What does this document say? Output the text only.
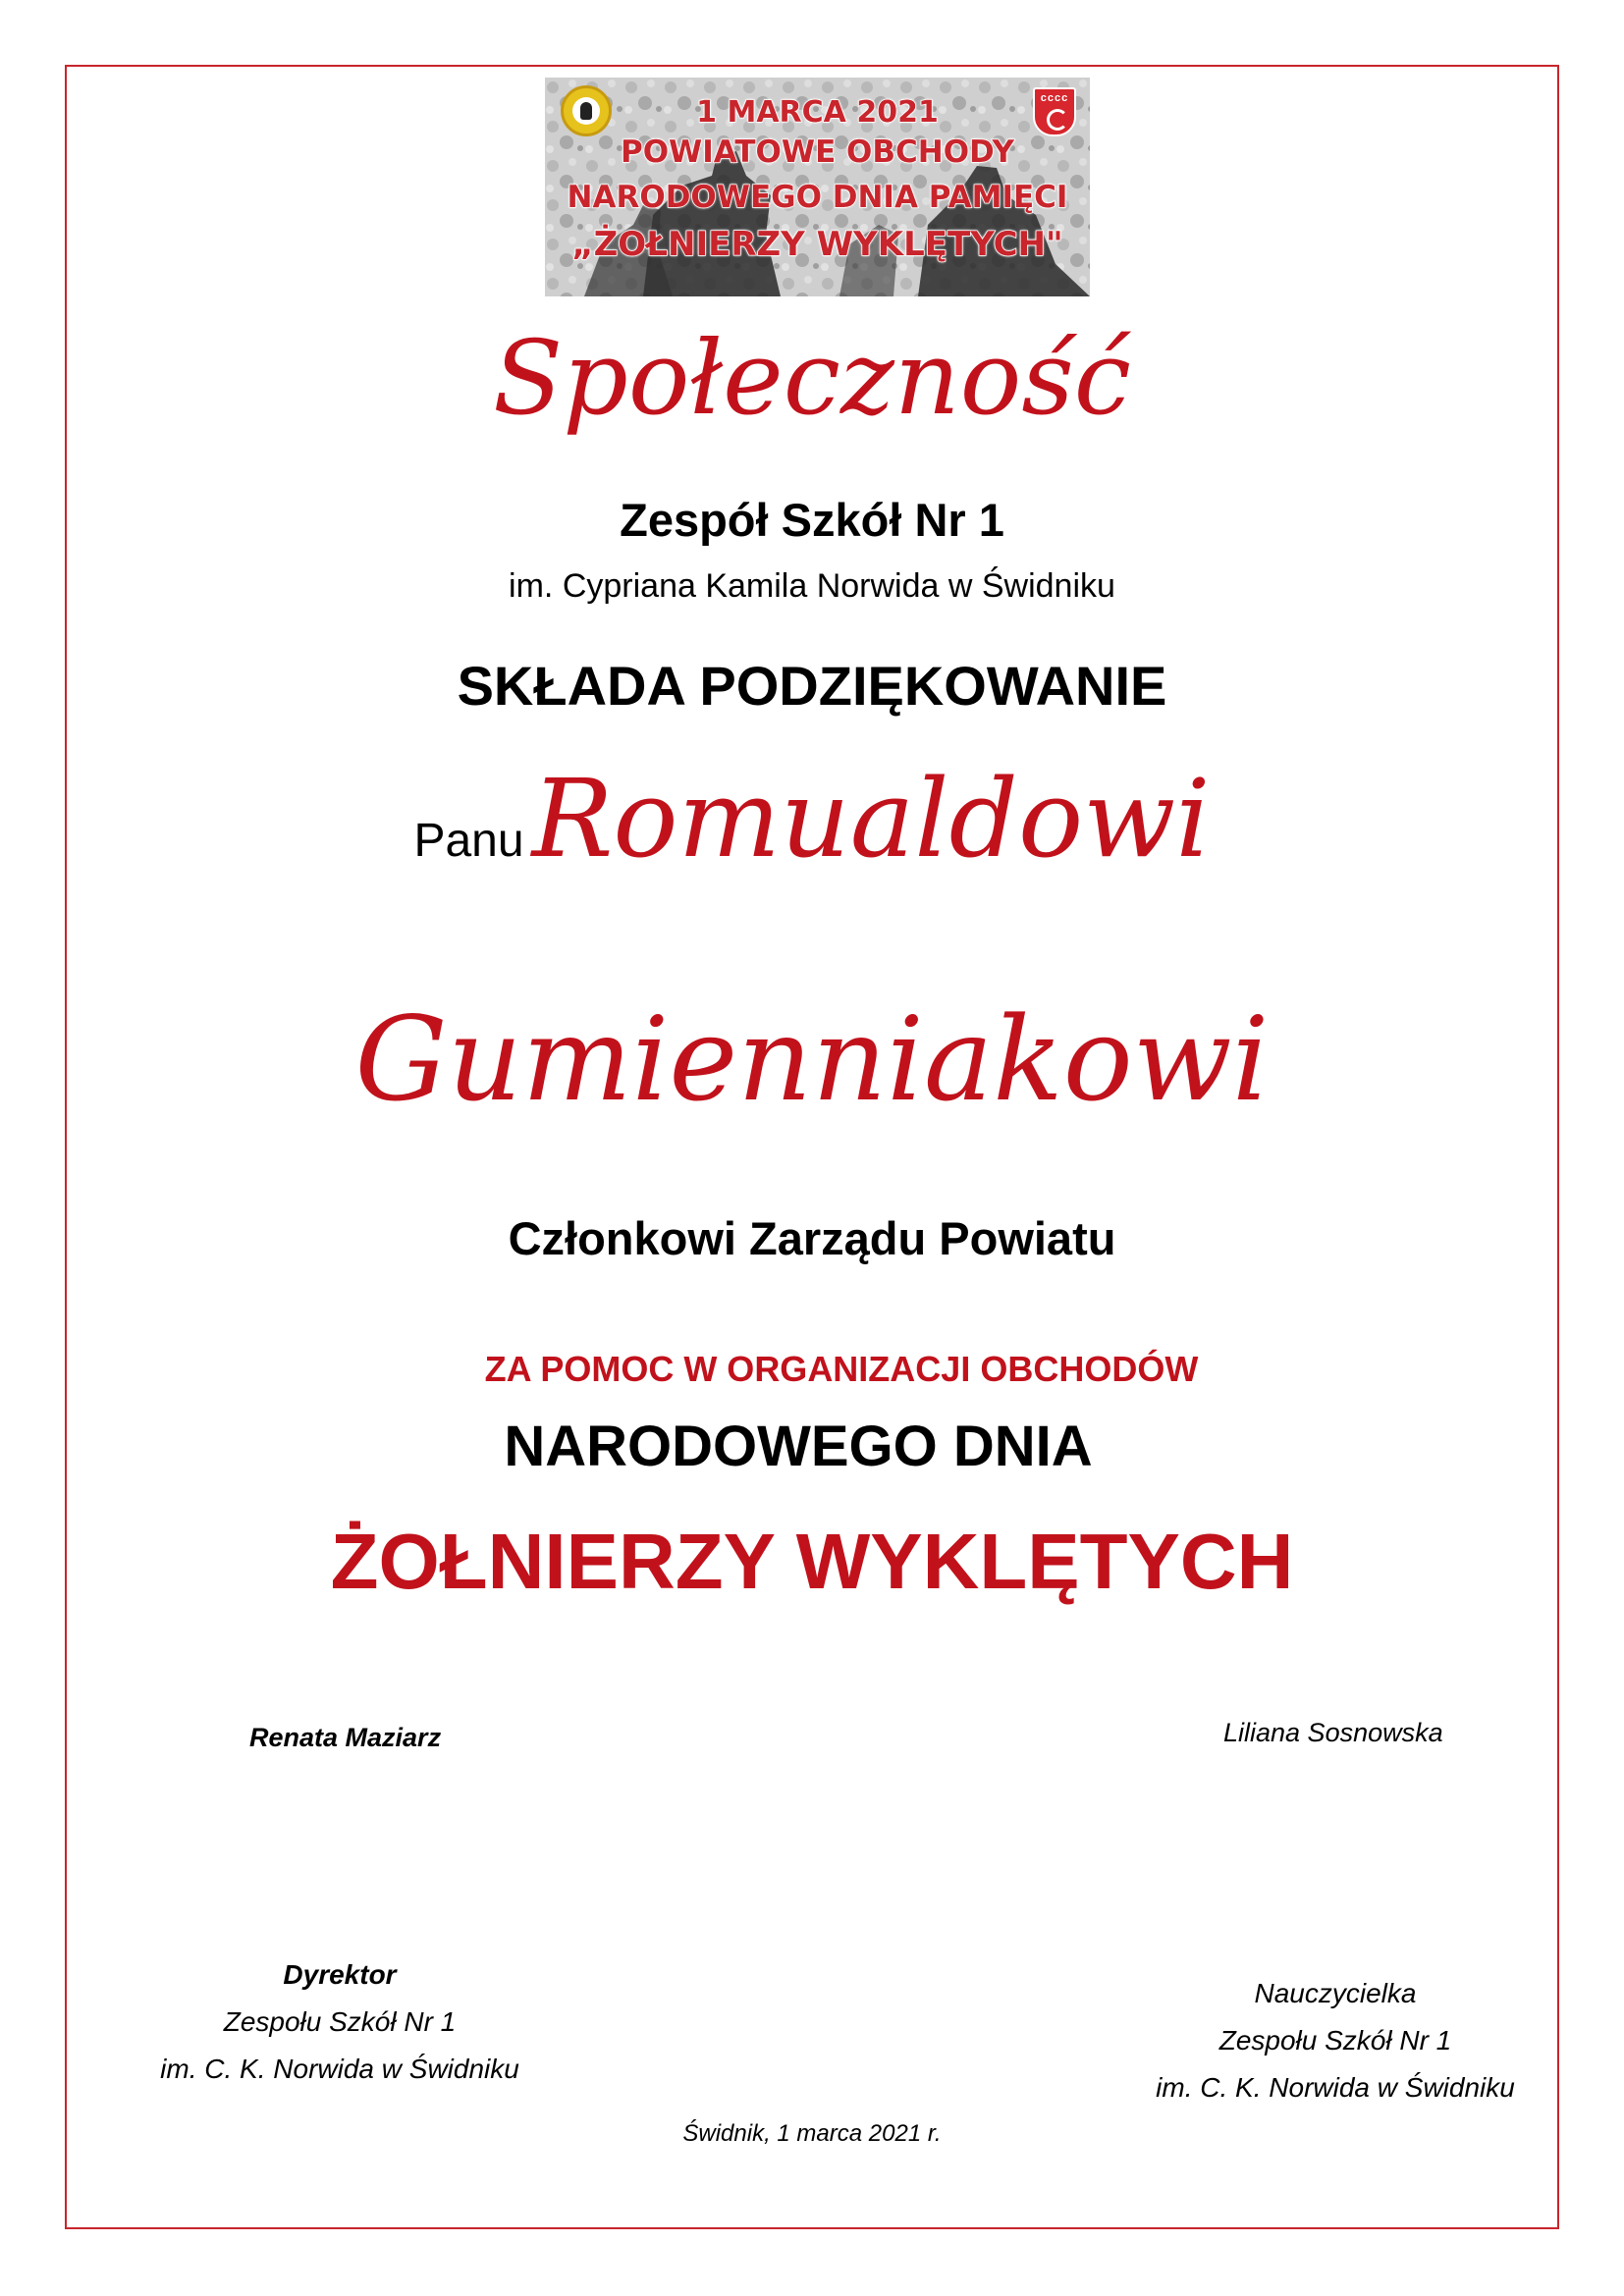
cccc
1 MARCA 2021
POWIATOWE OBCHODY
NARODOWEGO DNIA PAMIĘCI
„ŻOŁNIERZY WYKLĘTYCH"
Społeczność
Zespół Szkół Nr 1
im. Cypriana Kamila Norwida w Świdniku
SKŁADA PODZIĘKOWANIE
PanuRomualdowi
Gumienniakowi
Członkowi Zarządu Powiatu
ZA POMOC W ORGANIZACJI OBCHODÓW
NARODOWEGO DNIA
ŻOŁNIERZY WYKLĘTYCH
Renata Maziarz	Liliana Sosnowska
Dyrektor
Zespołu Szkół Nr 1
im. C. K. Norwida w Świdniku
Nauczycielka
Zespołu Szkół Nr 1
im. C. K. Norwida w Świdniku
Świdnik, 1 marca 2021 r.
